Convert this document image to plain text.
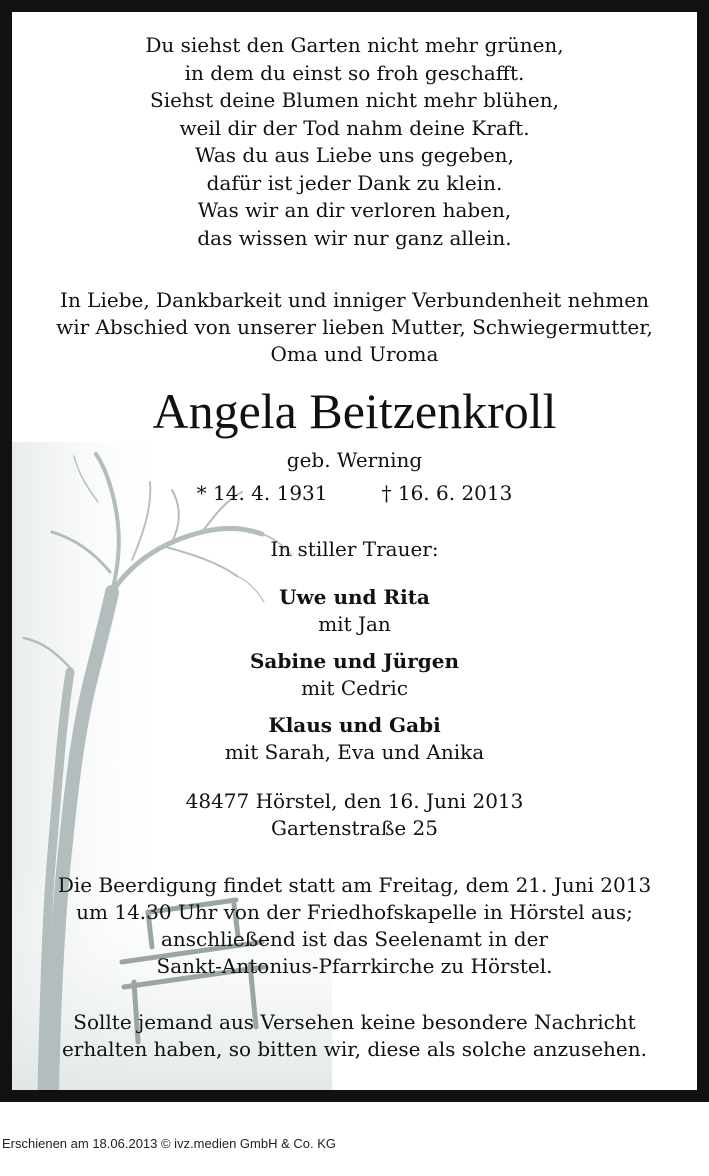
Du siehst den Garten nicht mehr grünen,
in dem du einst so froh geschafft.
Siehst deine Blumen nicht mehr blühen,
weil dir der Tod nahm deine Kraft.
Was du aus Liebe uns gegeben,
dafür ist jeder Dank zu klein.
Was wir an dir verloren haben,
das wissen wir nur ganz allein.
In Liebe, Dankbarkeit und inniger Verbundenheit nehmen
wir Abschied von unserer lieben Mutter, Schwiegermutter,
Oma und Uroma
Angela Beitzenkroll
geb. Werning
* 14. 4. 1931	† 16. 6. 2013
In stiller Trauer:
Uwe und Rita
mit Jan
Sabine und Jürgen
mit Cedric
Klaus und Gabi
mit Sarah, Eva und Anika
48477 Hörstel, den 16. Juni 2013
Gartenstraße 25
Die Beerdigung findet statt am Freitag, dem 21. Juni 2013
um 14.30 Uhr von der Friedhofskapelle in Hörstel aus;
anschließend ist das Seelenamt in der
Sankt-Antonius-Pfarrkirche zu Hörstel.
Sollte jemand aus Versehen keine besondere Nachricht
erhalten haben, so bitten wir, diese als solche anzusehen.
Erschienen am 18.06.2013 © ivz.medien GmbH & Co. KG
